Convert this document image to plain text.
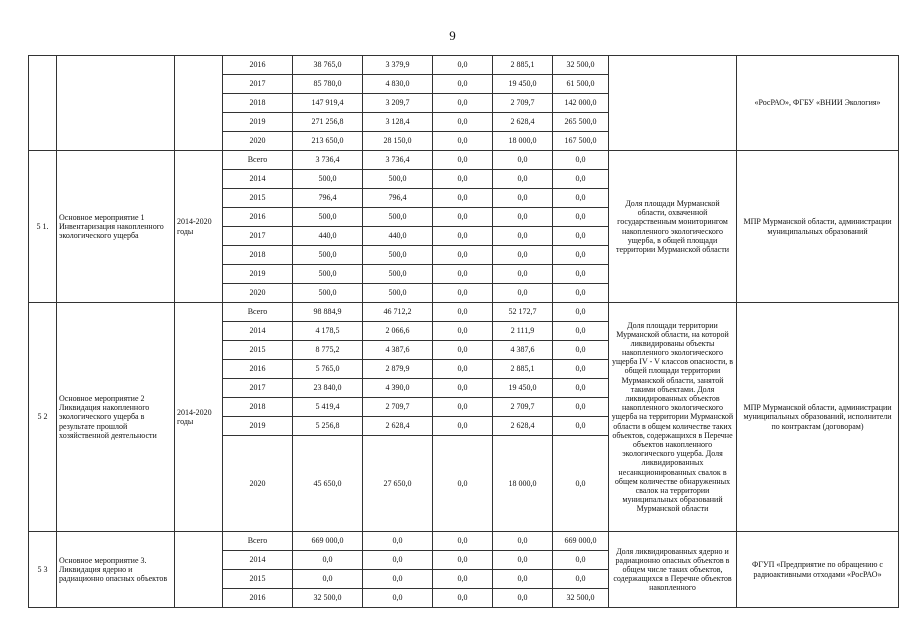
9
			2016	38 765,0	3 379,9	0,0	2 885,1	32 500,0		«РосРАО», ФГБУ «ВНИИ Экология»
			2017	85 780,0	4 830,0	0,0	19 450,0	61 500,0		
			2018	147 919,4	3 209,7	0,0	2 709,7	142 000,0		
			2019	271 256,8	3 128,4	0,0	2 628,4	265 500,0		
			2020	213 650,0	28 150,0	0,0	18 000,0	167 500,0		
5 1.	Основное мероприятие 1 Инвентаризация накопленного экологического ущерба	2014-2020 годы	Всего	3 736,4	3 736,4	0,0	0,0	0,0	Доля площади Мурманской области, охваченной государственным мониторингом накопленного экологического ущерба, в общей площади территории Мурманской области	МПР Мурманской области, администрации муниципальных образований
			2014	500,0	500,0	0,0	0,0	0,0		
			2015	796,4	796,4	0,0	0,0	0,0		
			2016	500,0	500,0	0,0	0,0	0,0		
			2017	440,0	440,0	0,0	0,0	0,0		
			2018	500,0	500,0	0,0	0,0	0,0		
			2019	500,0	500,0	0,0	0,0	0,0		
			2020	500,0	500,0	0,0	0,0	0,0		
5 2	Основное мероприятие 2 Ликвидация накопленного экологического ущерба в результате прошлой хозяйственной деятельности	2014-2020 годы	Всего	98 884,9	46 712,2	0,0	52 172,7	0,0	Доля площади территории Мурманской области, на которой ликвидированы объекты накопленного экологического ущерба IV - V классов опасности, в общей площади территории Мурманской области, занятой такими объектами. Доля ликвидированных объектов накопленного экологического ущерба на территории Мурманской области в общем количестве таких объектов, содержащихся в Перечне объектов накопленного экологического ущерба. Доля ликвидированных несанкционированных свалок в общем количестве обнаруженных свалок на территории муниципальных образований Мурманской области	МПР Мурманской области, администрации муниципальных образований, исполнители по контрактам (договорам)
			2014	4 178,5	2 066,6	0,0	2 111,9	0,0		
			2015	8 775,2	4 387,6	0,0	4 387,6	0,0		
			2016	5 765,0	2 879,9	0,0	2 885,1	0,0		
			2017	23 840,0	4 390,0	0,0	19 450,0	0,0		
			2018	5 419,4	2 709,7	0,0	2 709,7	0,0		
			2019	5 256,8	2 628,4	0,0	2 628,4	0,0		
			2020	45 650,0	27 650,0	0,0	18 000,0	0,0		
5 3	Основное мероприятие 3. Ликвидация ядерно и радиационно опасных объектов		Всего	669 000,0	0,0	0,0	0,0	669 000,0	Доля ликвидированных ядерно и радиационно опасных объектов в общем числе таких объектов, содержащихся в Перечне объектов накопленного	ФГУП «Предприятие по обращению с радиоактивными отходами «РосРАО»
			2014	0,0	0,0	0,0	0,0	0,0		
			2015	0,0	0,0	0,0	0,0	0,0		
			2016	32 500,0	0,0	0,0	0,0	32 500,0		
